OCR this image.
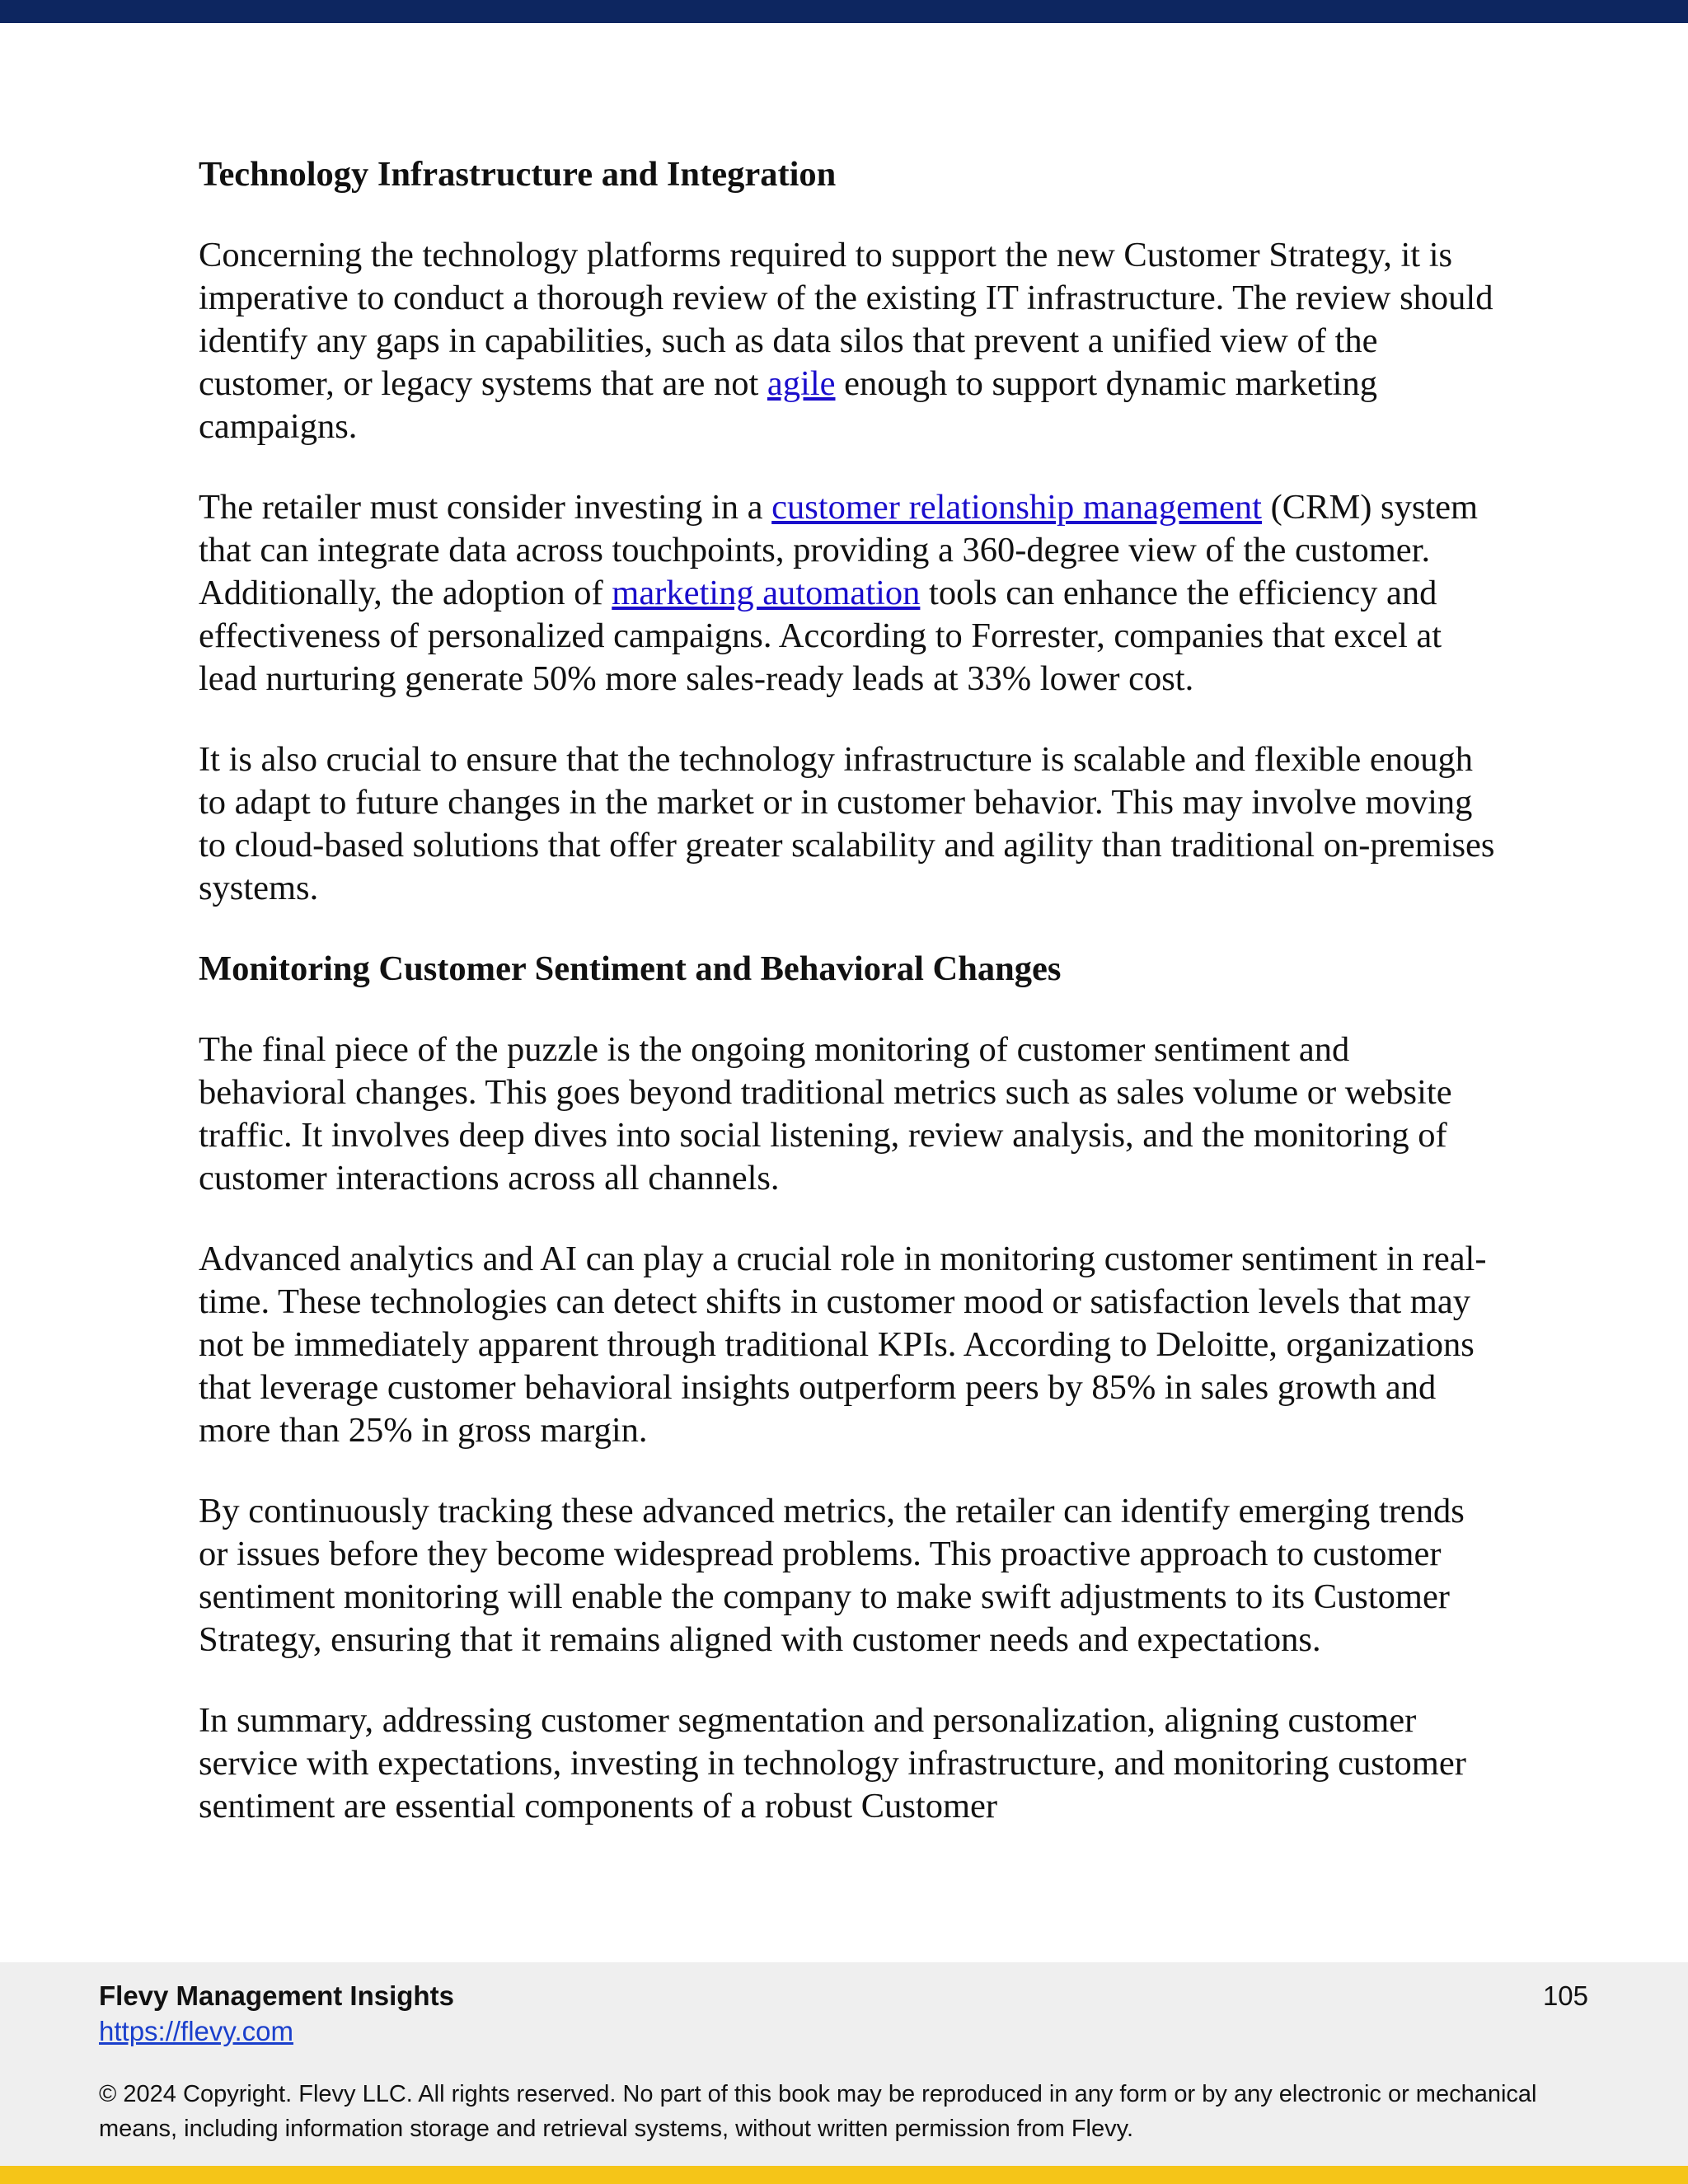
Technology Infrastructure and Integration

Concerning the technology platforms required to support the new Customer Strategy, it is imperative to conduct a thorough review of the existing IT infrastructure. The review should identify any gaps in capabilities, such as data silos that prevent a unified view of the customer, or legacy systems that are not agile enough to support dynamic marketing campaigns.

The retailer must consider investing in a customer relationship management (CRM) system that can integrate data across touchpoints, providing a 360-degree view of the customer. Additionally, the adoption of marketing automation tools can enhance the efficiency and effectiveness of personalized campaigns. According to Forrester, companies that excel at lead nurturing generate 50% more sales-ready leads at 33% lower cost.

It is also crucial to ensure that the technology infrastructure is scalable and flexible enough to adapt to future changes in the market or in customer behavior. This may involve moving to cloud-based solutions that offer greater scalability and agility than traditional on-premises systems.

Monitoring Customer Sentiment and Behavioral Changes

The final piece of the puzzle is the ongoing monitoring of customer sentiment and behavioral changes. This goes beyond traditional metrics such as sales volume or website traffic. It involves deep dives into social listening, review analysis, and the monitoring of customer interactions across all channels.

Advanced analytics and AI can play a crucial role in monitoring customer sentiment in real-time. These technologies can detect shifts in customer mood or satisfaction levels that may not be immediately apparent through traditional KPIs. According to Deloitte, organizations that leverage customer behavioral insights outperform peers by 85% in sales growth and more than 25% in gross margin.

By continuously tracking these advanced metrics, the retailer can identify emerging trends or issues before they become widespread problems. This proactive approach to customer sentiment monitoring will enable the company to make swift adjustments to its Customer Strategy, ensuring that it remains aligned with customer needs and expectations.

In summary, addressing customer segmentation and personalization, aligning customer service with expectations, investing in technology infrastructure, and monitoring customer sentiment are essential components of a robust Customer

Flevy Management Insights
https://flevy.com
105
© 2024 Copyright. Flevy LLC. All rights reserved. No part of this book may be reproduced in any form or by any electronic or mechanical means, including information storage and retrieval systems, without written permission from Flevy.
